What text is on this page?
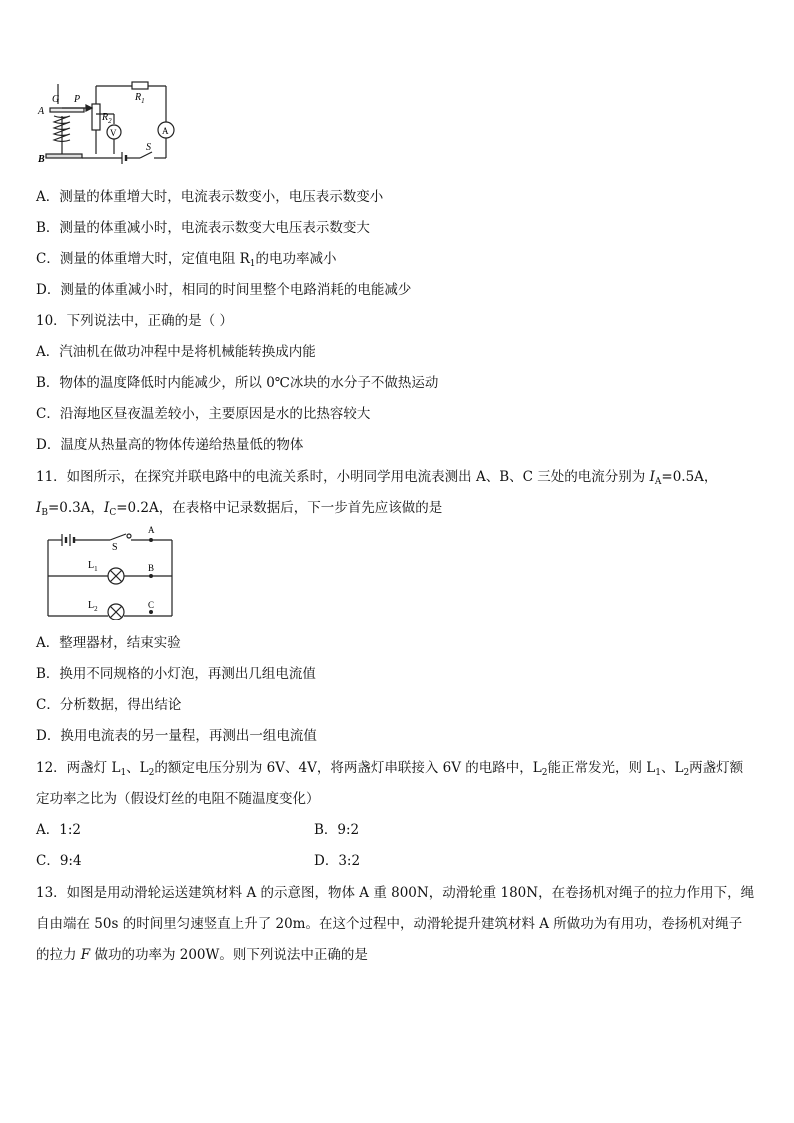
G P
A
B
$R_2$
$R_1$
V	A
S
A．测量的体重增大时，电流表示数变小，电压表示数变小
B．测量的体重减小时，电流表示数变大电压表示数变大
C．测量的体重增大时，定值电阻 $R_1$的电功率减小
D．测量的体重减小时，相同的时间里整个电路消耗的电能减少
10．下列说法中，正确的是（ ）
A．汽油机在做功冲程中是将机械能转换成内能
B．物体的温度降低时内能减少，所以 0℃冰块的水分子不做热运动
C．沿海地区昼夜温差较小，主要原因是水的比热容较大
D．温度从热量高的物体传递给热量低的物体
11．如图所示，在探究并联电路中的电流关系时，小明同学用电流表测出 A、B、C 三处的电流分别为 $I_A=0.5A$，
$I_B=0.3A$，$I_C=0.2A$，在表格中记录数据后，下一步首先应该做的是
S
A
B
C
$L_1$
$L_2$
A．整理器材，结束实验
B．换用不同规格的小灯泡，再测出几组电流值
C．分析数据，得出结论
D．换用电流表的另一量程，再测出一组电流值
12．两盏灯 $L_1$、$L_2$的额定电压分别为 6V、4V，将两盏灯串联接入 6V 的电路中，$L_2$能正常发光，则 $L_1$、$L_2$两盏灯额
定功率之比为（假设灯丝的电阻不随温度变化）
A．1:2	B．9:2
C．9:4	D．3:2
13．如图是用动滑轮运送建筑材料 A 的示意图，物体 A 重 800N，动滑轮重 180N，在卷扬机对绳子的拉力作用下，绳
自由端在 50s 的时间里匀速竖直上升了 20m。在这个过程中，动滑轮提升建筑材料 A 所做功为有用功，卷扬机对绳子
的拉力 F 做功的功率为 200W。则下列说法中正确的是
